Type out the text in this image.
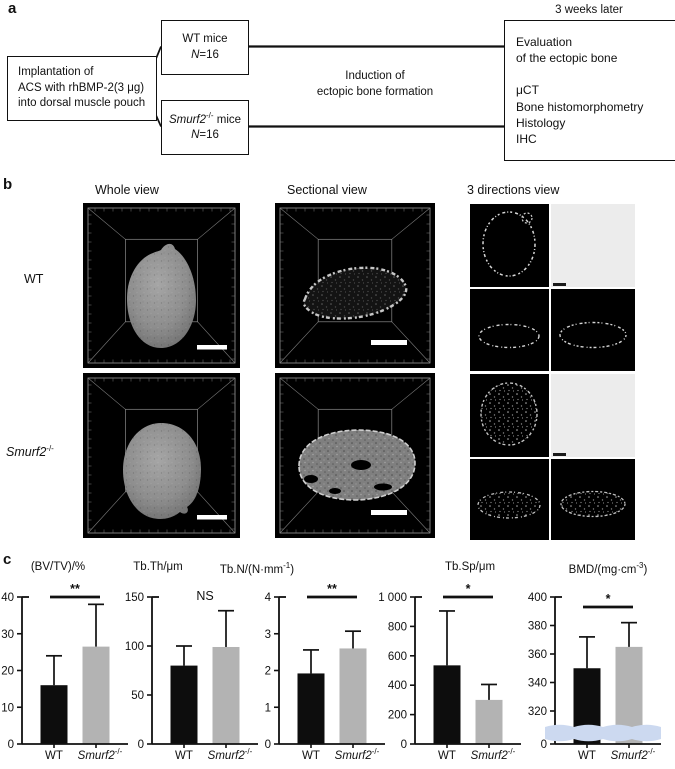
a
Implantation of
ACS with rhBMP-2(3 μg)
into dorsal muscle pouch
WT mice
N=16
Smurf2-/- mice
N=16
Induction of
ectopic bone formation
3 weeks later
Evaluation
of the ectopic bone

μCT
Bone histomorphometry
Histology
IHC
b	Whole view	Sectional view	3 directions view
WT
Smurf2-/-
c (BV/TV)/%	Tb.Th/μm	$Tb.N/(N\cdot mm^{-1})$	Tb.Sp/μm	BMD/$(mg\cdot cm^{-3})$
0
10
20
30
40
**
WT Smurf2-/-
0
50
100
150	NS
WT Smurf2-/-
0
1
2
3
4
**
WT Smurf2-/-
0
200
400
600
800
1 000
*
WT Smurf2-/-
0
320
340
360
380
400	*
WT Smurf2-/-
